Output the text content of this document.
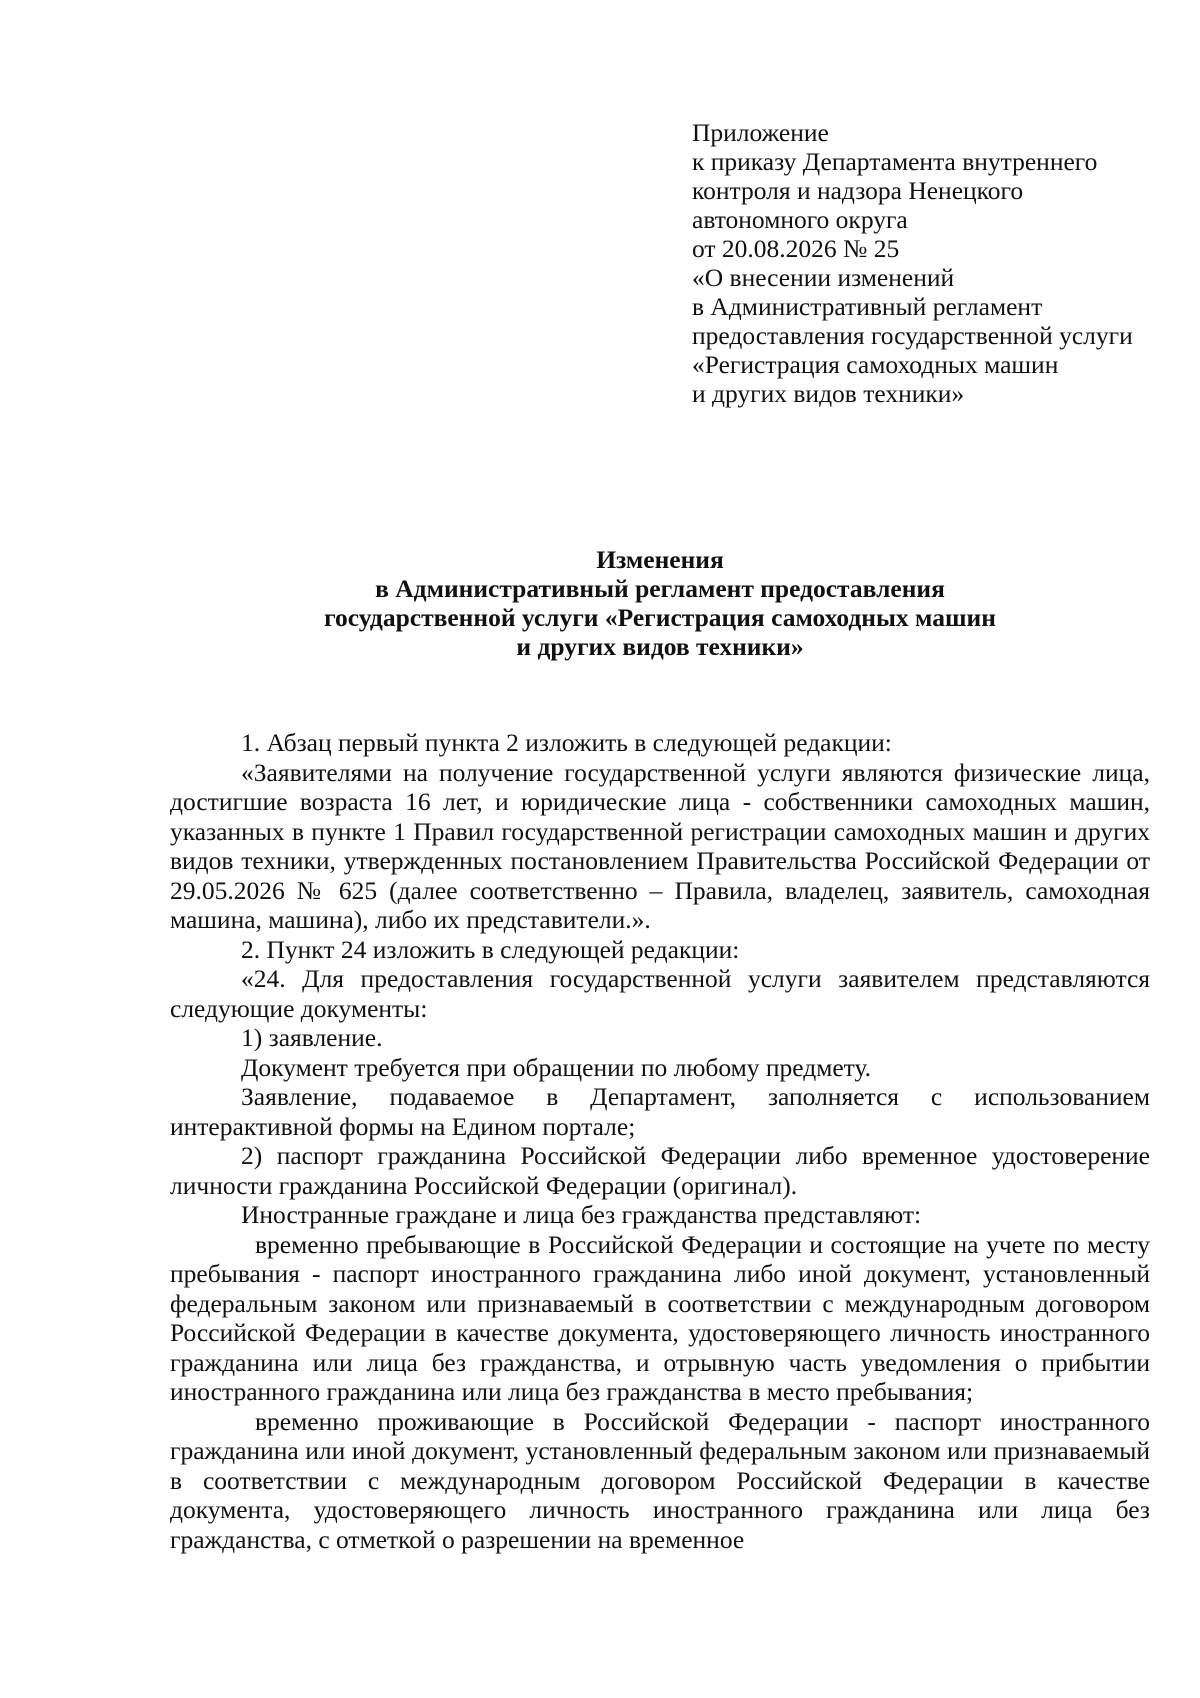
Приложение
к приказу Департамента внутреннего
контроля и надзора Ненецкого
автономного округа
от 20.08.2026 № 25
«О внесении изменений
в Административный регламент
предоставления государственной услуги
«Регистрация самоходных машин
и других видов техники»
Изменения
в Административный регламент предоставления
государственной услуги «Регистрация самоходных машин
и других видов техники»

1. Абзац первый пункта 2 изложить в следующей редакции:

«Заявителями на получение государственной услуги являются физические лица, достигшие возраста 16 лет, и юридические лица - собственники самоходных машин, указанных в пункте 1 Правил государственной регистрации самоходных машин и других видов техники, утвержденных постановлением Правительства Российской Федерации от 29.05.2026 № 625 (далее соответственно – Правила, владелец, заявитель, самоходная машина, машина), либо их представители.».

2. Пункт 24 изложить в следующей редакции:

«24. Для предоставления государственной услуги заявителем представляются следующие документы:

1) заявление.

Документ требуется при обращении по любому предмету.

Заявление, подаваемое в Департамент, заполняется с использованием интерактивной формы на Едином портале;

2) паспорт гражданина Российской Федерации либо временное удостоверение личности гражданина Российской Федерации (оригинал).

Иностранные граждане и лица без гражданства представляют:

временно пребывающие в Российской Федерации и состоящие на учете по месту пребывания - паспорт иностранного гражданина либо иной документ, установленный федеральным законом или признаваемый в соответствии с международным договором Российской Федерации в качестве документа, удостоверяющего личность иностранного гражданина или лица без гражданства, и отрывную часть уведомления о прибытии иностранного гражданина или лица без гражданства в место пребывания;

временно проживающие в Российской Федерации - паспорт иностранного гражданина или иной документ, установленный федеральным законом или признаваемый в соответствии с международным договором Российской Федерации в качестве документа, удостоверяющего личность иностранного гражданина или лица без гражданства, с отметкой о разрешении на временное
